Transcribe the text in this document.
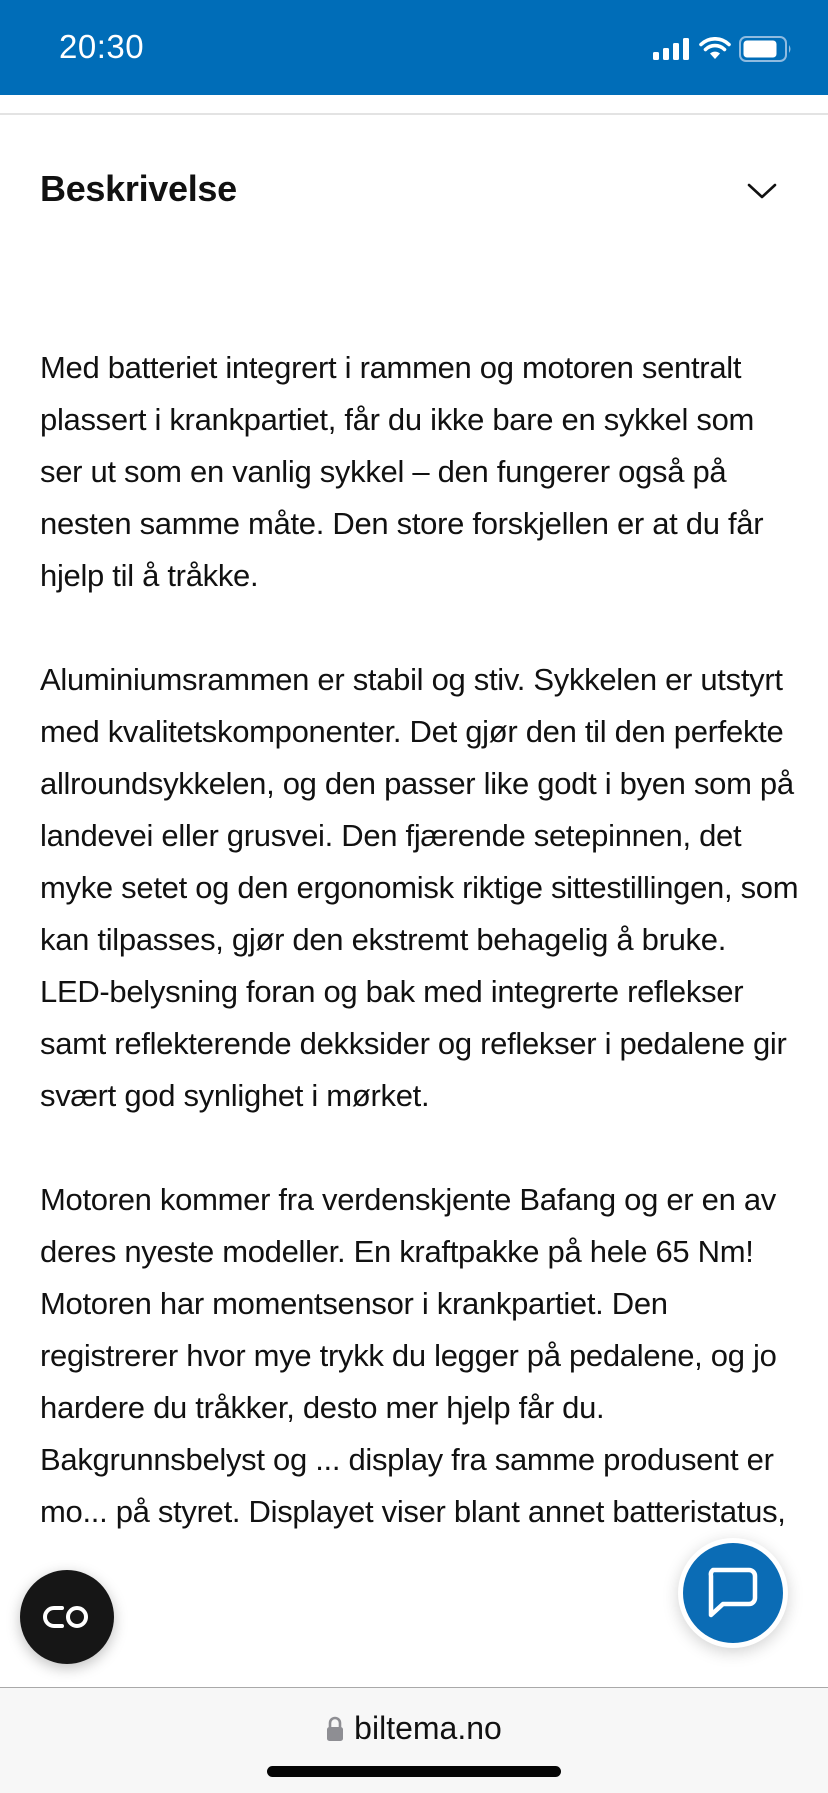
20:30
Beskrivelse

Med batteriet integrert i rammen og motoren sentralt plassert i krankpartiet, får du ikke bare en sykkel som ser ut som en vanlig sykkel – den fungerer også på nesten samme måte. Den store forskjellen er at du får hjelp til å tråkke.

Aluminiumsrammen er stabil og stiv. Sykkelen er utstyrt med kvalitetskomponenter. Det gjør den til den perfekte allroundsykkelen, og den passer like godt i byen som på landevei eller grusvei. Den fjærende setepinnen, det myke setet og den ergonomisk riktige sittestillingen, som kan tilpasses, gjør den ekstremt behagelig å bruke. LED-belysning foran og bak med integrerte reflekser samt reflekterende dekksider og reflekser i pedalene gir svært god synlighet i mørket.

Motoren kommer fra verdenskjente Bafang og er en av deres nyeste modeller. En kraftpakke på hele 65 Nm! Motoren har momentsensor i krankpartiet. Den registrerer hvor mye trykk du legger på pedalene, og jo hardere du tråkker, desto mer hjelp får du. Bakgrunnsbelyst og ... display fra samme produsent er mo... på styret. Displayet viser blant annet batteristatus,

biltema.no
